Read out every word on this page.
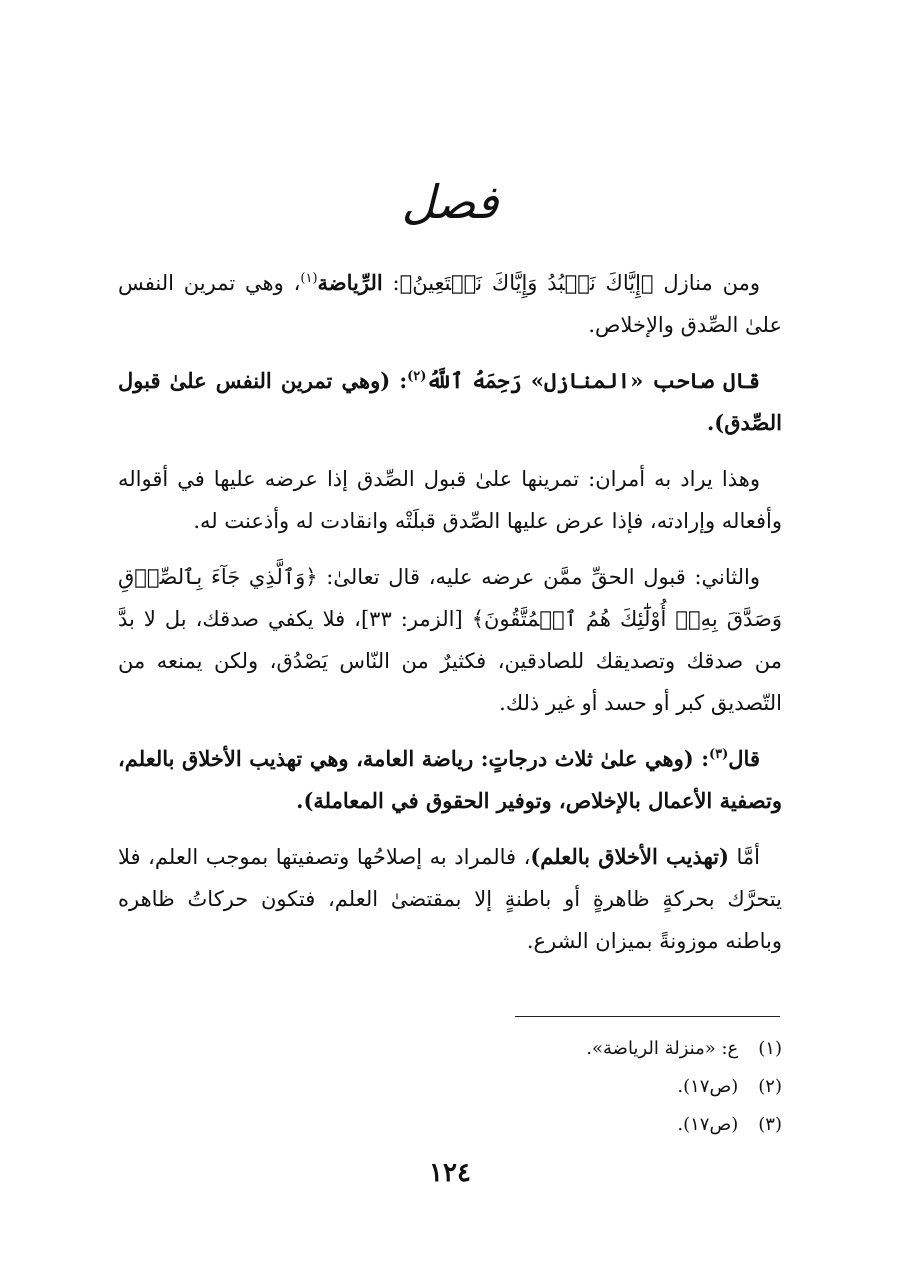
فصل

ومن منازل ﴿إِيَّاكَ نَعۡبُدُ وَإِيَّاكَ نَسۡتَعِينُ﴾: الرِّياضة$^{(١)}$، وهي تمرين النفس علىٰ الصِّدق والإخلاص.

قال صاحب «المنازل» رَحِمَهُ ٱللَّهُ$^{(٢)}$: (وهي تمرين النفس علىٰ قبول الصِّدق).

وهذا يراد به أمران: تمرينها علىٰ قبول الصِّدق إذا عرضه عليها في أقواله وأفعاله وإرادته، فإذا عرض عليها الصِّدق قبلَتْه وانقادت له وأذعنت له.

والثاني: قبول الحقِّ ممَّن عرضه عليه، قال تعالىٰ: ﴿وَٱلَّذِي جَآءَ بِٱلصِّدۡقِ وَصَدَّقَ بِهِۦٓ أُوْلَٰٓئِكَ هُمُ ٱلۡمُتَّقُونَ﴾ [الزمر: ٣٣]، فلا يكفي صدقك، بل لا بدَّ من صدقك وتصديقك للصادقين، فكثيرٌ من النّاس يَصْدُق، ولكن يمنعه من التّصديق كبر أو حسد أو غير ذلك.

قال$^{(٣)}$: (وهي علىٰ ثلاث درجاتٍ: رياضة العامة، وهي تهذيب الأخلاق بالعلم، وتصفية الأعمال بالإخلاص، وتوفير الحقوق في المعاملة).

أمَّا (تهذيب الأخلاق بالعلم)، فالمراد به إصلاحُها وتصفيتها بموجب العلم، فلا يتحرَّك بحركةٍ ظاهرةٍ أو باطنةٍ إلا بمقتضىٰ العلم، فتكون حركاتُ ظاهره وباطنه موزونةً بميزان الشرع.

(١) ع: «منزلة الرياضة».
(٢) (ص١٧).
(٣) (ص١٧).
١٢٤
